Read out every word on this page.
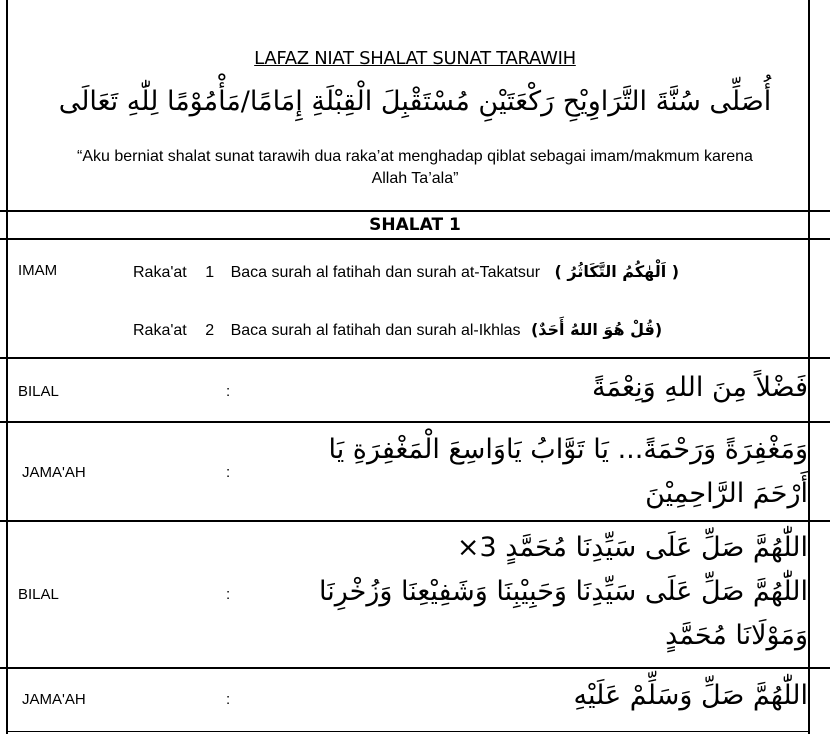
LAFAZ NIAT SHALAT SUNAT TARAWIH
أُصَلِّى سُنَّةَ التَّرَاوِيْحِ رَكْعَتَيْنِ مُسْتَقْبِلَ الْقِبْلَةِ إِمَامًا/مَأْمُوْمًا لِلّٰهِ تَعَالَى
“Aku berniat shalat sunat tarawih dua raka’at menghadap qiblat sebagai imam/makmum karena Allah Ta’ala”
SHALAT 1
IMAM	Raka'at 1 Baca surah al fatihah dan surah at-Takatsur ( اَلْهٰكُمُ التَّكَاثُرُ )
Raka'at 2 Baca surah al fatihah dan surah al-Ikhlas (قُلْ هُوَ اللهُ أَحَدٌ)
BILAL	:	فَضْلاً مِنَ اللهِ وَنِعْمَةً
JAMA'AH	:
وَمَغْفِرَةً وَرَحْمَةً... يَا تَوَّابُ يَاوَاسِعَ الْمَغْفِرَةِ يَا
أَرْحَمَ الرَّاحِمِيْنَ
BILAL	:
اللّٰهُمَّ صَلِّ عَلَى سَيِّدِنَا مُحَمَّدٍ 3×
اللّٰهُمَّ صَلِّ عَلَى سَيِّدِنَا وَحَبِيْبِنَا وَشَفِيْعِنَا وَزُخْرِنَا
وَمَوْلَانَا مُحَمَّدٍ
JAMA'AH	:	اللّٰهُمَّ صَلِّ وَسَلِّمْ عَلَيْهِ
